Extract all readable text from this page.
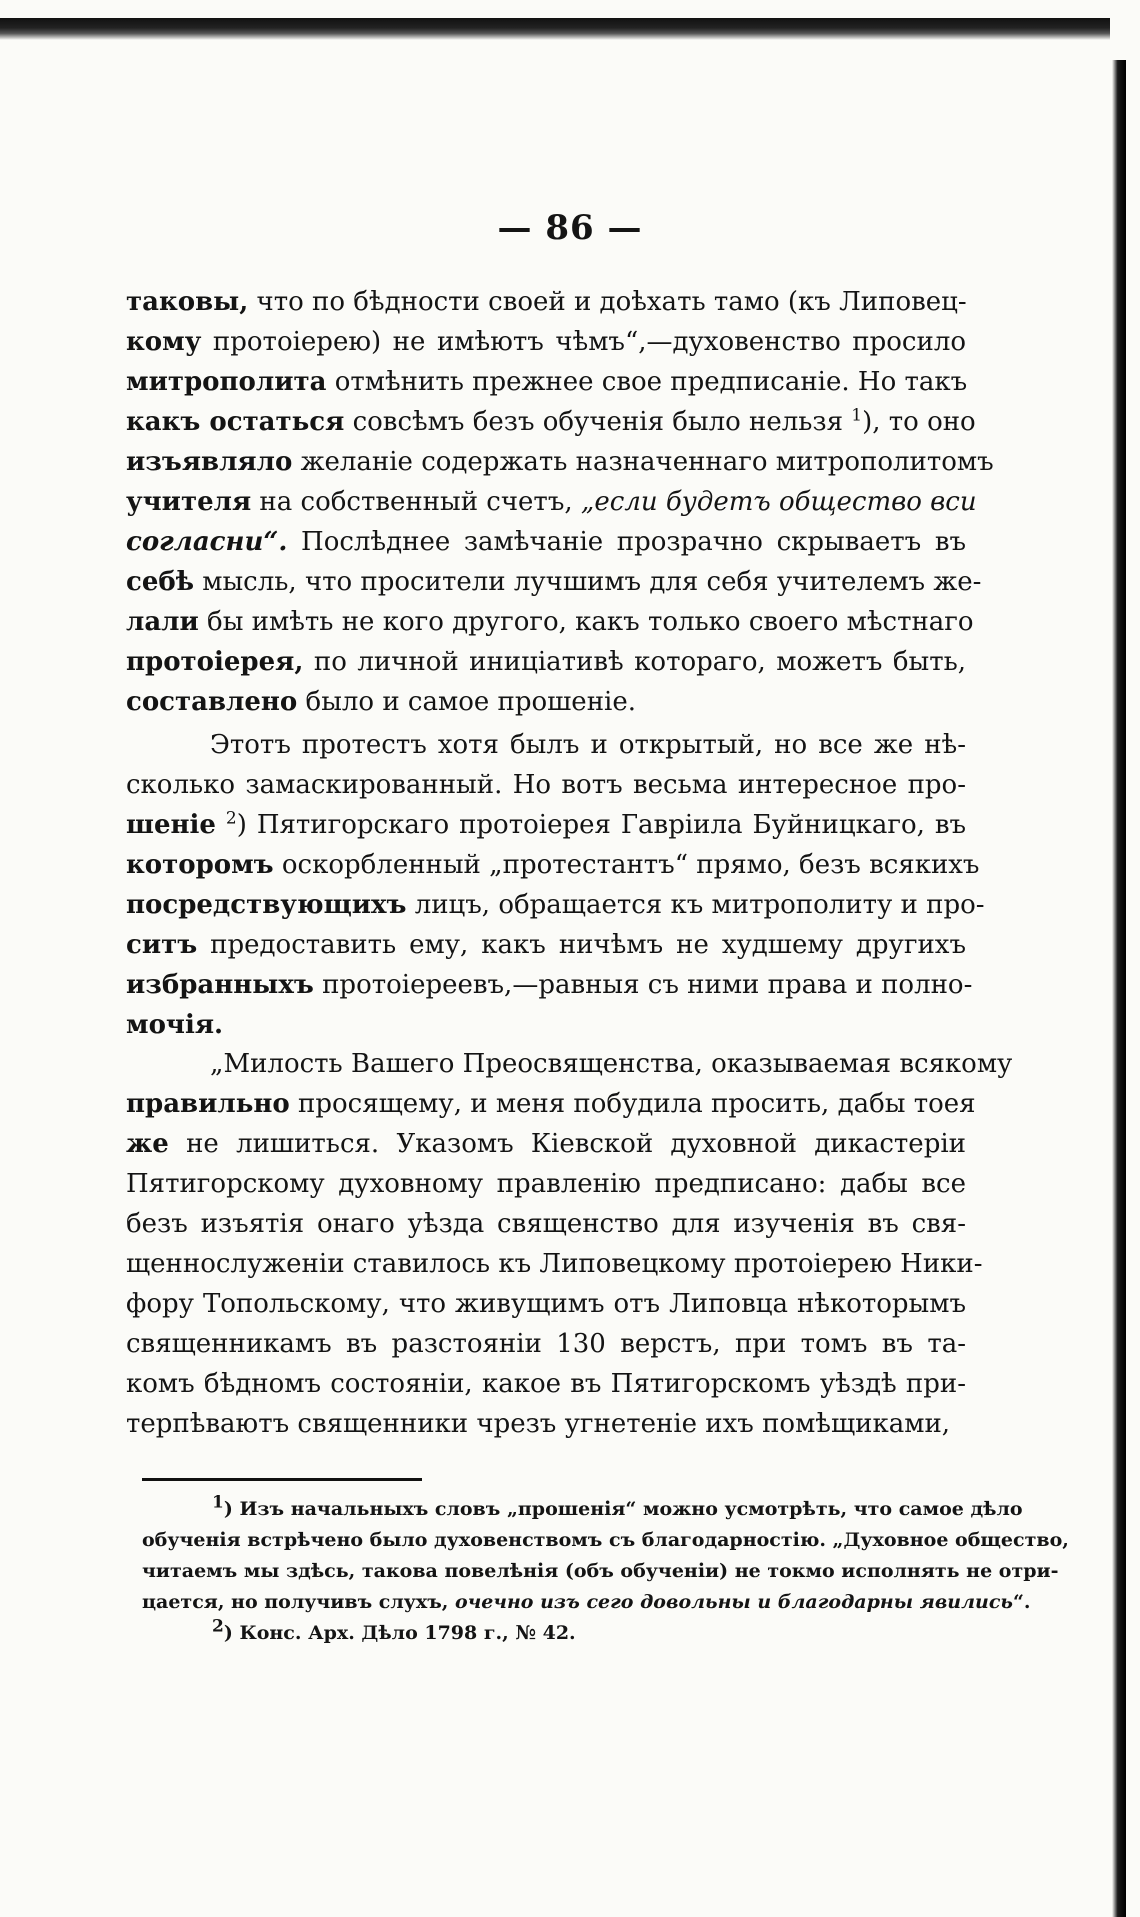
— 86 —
таковы, что по бѣдности своей и доѣхать тамо (къ Липовец-
кому протоіерею) не имѣютъ чѣмъ“,—духовенство просило
митрополита отмѣнить прежнее свое предписаніе. Но такъ
какъ остаться совсѣмъ безъ обученія было нельзя $^1$), то оно
изъявляло желаніе содержать назначеннаго митрополитомъ
учителя на собственный счетъ, „если будетъ общество вси
согласни“. Послѣднее замѣчаніе прозрачно скрываетъ въ
себѣ мысль, что просители лучшимъ для себя учителемъ же-
лали бы имѣть не кого другого, какъ только своего мѣстнаго
протоіерея, по личной иниціативѣ котораго, можетъ быть,
составлено было и самое прошеніе.
Этотъ протестъ хотя былъ и открытый, но все же нѣ-
сколько замаскированный. Но вотъ весьма интересное про-
шеніе $^2$) Пятигорскаго протоіерея Гавріила Буйницкаго, въ
которомъ оскорбленный „протестантъ“ прямо, безъ всякихъ
посредствующихъ лицъ, обращается къ митрополиту и про-
ситъ предоставить ему, какъ ничѣмъ не худшему другихъ
избранныхъ протоіереевъ,—равныя съ ними права и полно-
мочія.
„Милость Вашего Преосвященства, оказываемая всякому
правильно просящему, и меня побудила просить, дабы тоея
же не лишиться. Указомъ Кіевской духовной дикастеріи
Пятигорскому духовному правленію предписано: дабы все
безъ изъятія онаго уѣзда священство для изученія въ свя-
щеннослуженіи ставилось къ Липовецкому протоіерею Ники-
фору Топольскому, что живущимъ отъ Липовца нѣкоторымъ
священникамъ въ разстояніи 130 верстъ, при томъ въ та-
комъ бѣдномъ состояніи, какое въ Пятигорскомъ уѣздѣ при-
терпѣваютъ священники чрезъ угнетеніе ихъ помѣщиками,
$^1$) Изъ начальныхъ словъ „прошенія“ можно усмотрѣть, что самое дѣло
обученія встрѣчено было духовенствомъ съ благодарностію. „Духовное общество,
читаемъ мы здѣсь, такова повелѣнія (объ обученіи) не токмо исполнять не отри-
цается, но получивъ слухъ, очечно изъ сего довольны и благодарны явились“.
$^2$) Конс. Арх. Дѣло 1798 г., № 42.
